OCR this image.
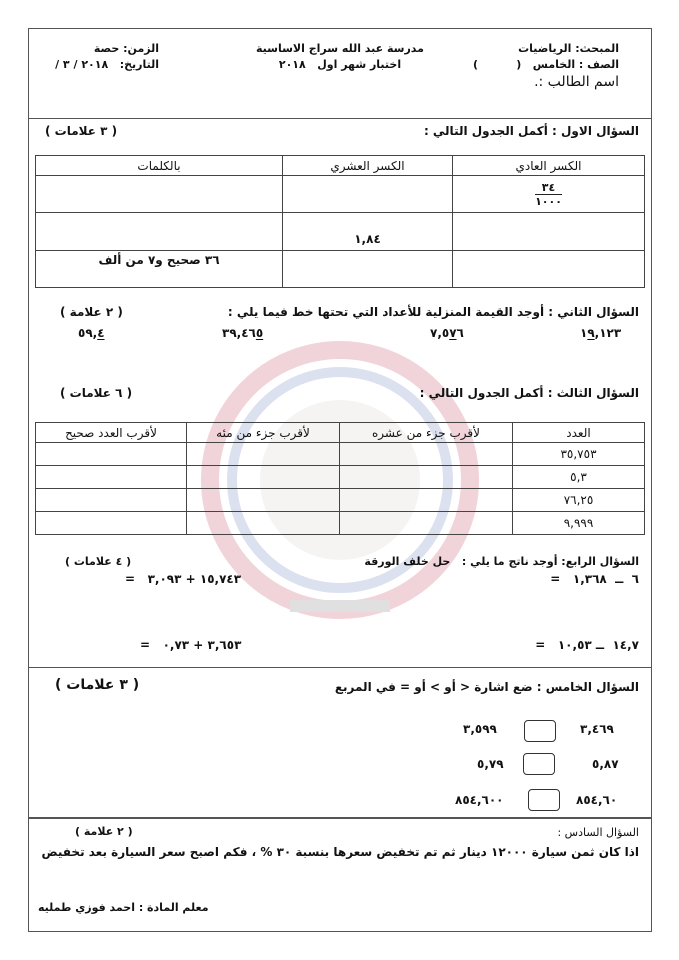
المبحث: الرياضيات
الصف : الخامس   (          )
اسم الطالب :.
مدرسة عبد الله سراج الاساسية
اختبار شهر اول   ٢٠١٨
الزمن: حصة
التاريخ:   ٢٠١٨ / ٣ /
السؤال الاول : أكمل الجدول التالي :
( ٣ علامات )
الكسر العادي	الكسر العشري	بالكلمات

٣٤
١٠٠٠		

	١,٨٤	
		٣٦ صحيح و٧ من ألف
السؤال الثاني : أوجد القيمة المنزلية للأعداد التي تحتها خط فيما يلي :
( ٢ علامة )
١٩,١٢٣
٧,٥٧٦
٣٩,٤٦٥
٥٩,٤
السؤال الثالث : أكمل الجدول التالي :
( ٦ علامات )
العدد	لأقرب جزء من عشره	لأقرب جزء من مئه	لأقرب العدد صحيح
٣٥,٧٥٣			
٥,٣			
٧٦,٢٥			
٩,٩٩٩			
السؤال الرابع: أوجد ناتج ما يلي :   حل خلف الورقة
( ٤ علامات )
٦  ــ  ١,٣٦٨   =
١٥,٧٤٣ + ٣,٠٩٣   =
١٤,٧  ــ ١٠,٥٣   =
٣,٦٥٣ + ٠,٧٣   =
السؤال الخامس : ضع اشارة < أو > أو = في المربع
( ٣ علامات )
٣,٤٦٩
٣,٥٩٩
٥,٨٧
٥,٧٩
٨٥٤,٦٠
٨٥٤,٦٠٠
السؤال السادس :
( ٢ علامة )
اذا كان ثمن سيارة ١٢٠٠٠ دينار ثم تم تخفيض سعرها بنسبة ٣٠ % ، فكم اصبح سعر السيارة بعد تخفيض
معلم المادة : احمد فوزي طمليه
